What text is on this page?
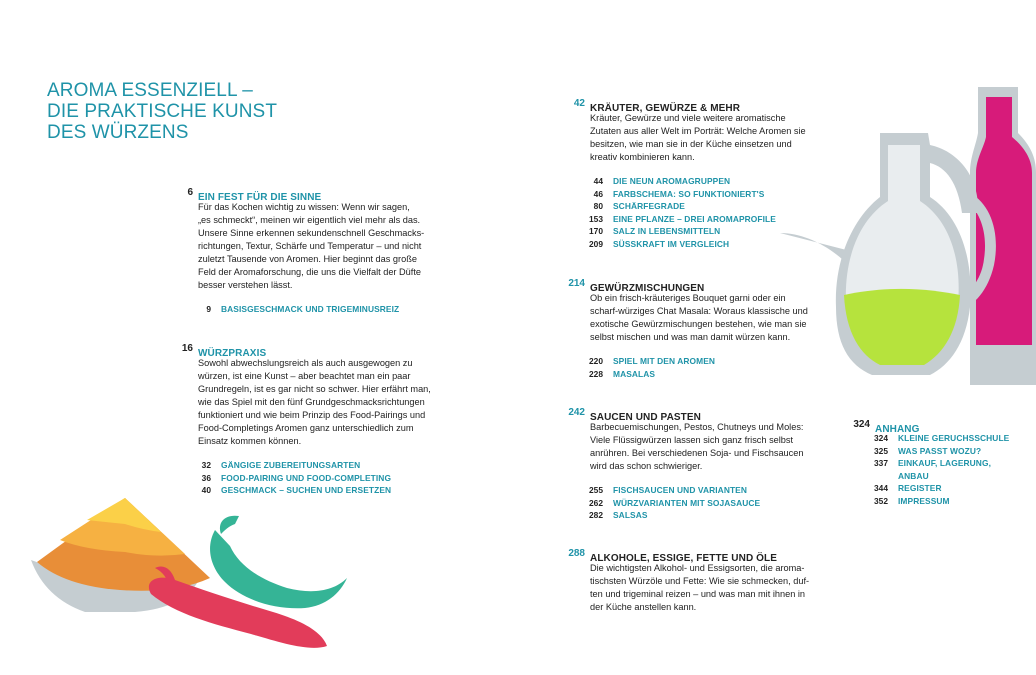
AROMA ESSENZIELL –
DIE PRAKTISCHE KUNST
DES WÜRZENS
6 EIN FEST FÜR DIE SINNE
Für das Kochen wichtig zu wissen: Wenn wir sagen,
„es schmeckt“, meinen wir eigentlich viel mehr als das.
Unsere Sinne erkennen sekundenschnell Geschmacks-
richtungen, Textur, Schärfe und Temperatur – und nicht
zuletzt Tausende von Aromen. Hier beginnt das große
Feld der Aromaforschung, die uns die Vielfalt der Düfte
besser verstehen lässt.
9 BASISGESCHMACK UND TRIGEMINUSREIZ
16 WÜRZPRAXIS
Sowohl abwechslungsreich als auch ausgewogen zu
würzen, ist eine Kunst – aber beachtet man ein paar
Grundregeln, ist es gar nicht so schwer. Hier erfährt man,
wie das Spiel mit den fünf Grundgeschmacksrichtungen
funktioniert und wie beim Prinzip des Food-Pairings und
Food-Completings Aromen ganz unterschiedlich zum
Einsatz kommen können.
32 GÄNGIGE ZUBEREITUNGSARTEN
36 FOOD-PAIRING UND FOOD-COMPLETING
40 GESCHMACK – SUCHEN UND ERSETZEN
42 KRÄUTER, GEWÜRZE & MEHR
Kräuter, Gewürze und viele weitere aromatische
Zutaten aus aller Welt im Porträt: Welche Aromen sie
besitzen, wie man sie in der Küche einsetzen und
kreativ kombinieren kann.
44 DIE NEUN AROMAGRUPPEN
46 FARBSCHEMA: SO FUNKTIONIERT'S
80 SCHÄRFEGRADE
153 EINE PFLANZE – DREI AROMAPROFILE
170 SALZ IN LEBENSMITTELN
209 SÜSSKRAFT IM VERGLEICH
214 GEWÜRZMISCHUNGEN
Ob ein frisch-kräuteriges Bouquet garni oder ein
scharf-würziges Chat Masala: Woraus klassische und
exotische Gewürzmischungen bestehen, wie man sie
selbst mischen und was man damit würzen kann.
220 SPIEL MIT DEN AROMEN
228 MASALAS
242 SAUCEN UND PASTEN
Barbecuemischungen, Pestos, Chutneys und Moles:
Viele Flüssigwürzen lassen sich ganz frisch selbst
anrühren. Bei verschiedenen Soja- und Fischsaucen
wird das schon schwieriger.
255 FISCHSAUCEN UND VARIANTEN
262 WÜRZVARIANTEN MIT SOJASAUCE
282 SALSAS
288 ALKOHOLE, ESSIGE, FETTE UND ÖLE
Die wichtigsten Alkohol- und Essigsorten, die aroma-
tischsten Würzöle und Fette: Wie sie schmecken, duf-
ten und trigeminal reizen – und was man mit ihnen in
der Küche anstellen kann.
324 ANHANG
324 KLEINE GERUCHSSCHULE
325 WAS PASST WOZU?
337 EINKAUF, LAGERUNG,
ANBAU
344 REGISTER
352 IMPRESSUM
